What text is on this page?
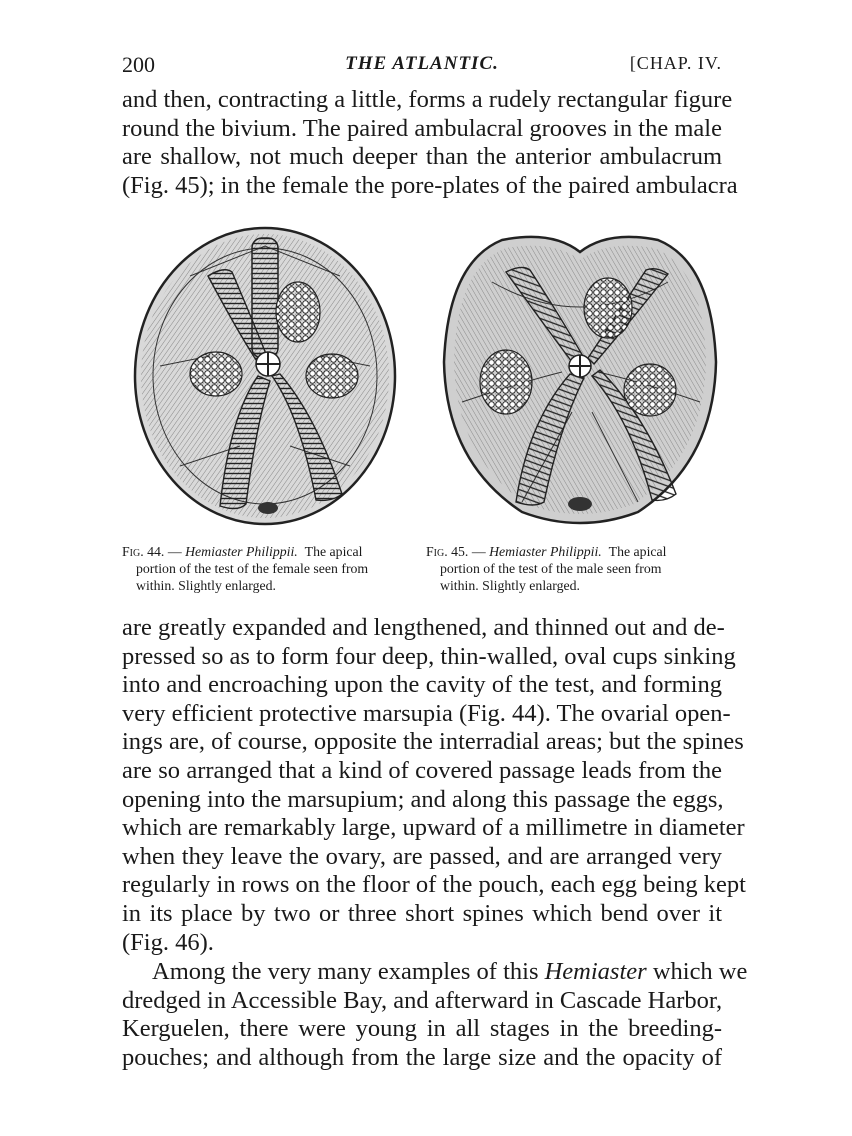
200	THE ATLANTIC.	[CHAP. IV.

and then, contracting a little, forms a rudely rectangular figure
round the bivium. The paired ambulacral grooves in the male
are shallow, not much deeper than the anterior ambulacrum
(Fig. 45); in the female the pore-plates of the paired ambulacra

Fig. 44. — Hemiaster Philippii. The apical
portion of the test of the female seen from
within. Slightly enlarged.
Fig. 45. — Hemiaster Philippii. The apical
portion of the test of the male seen from
within. Slightly enlarged.

are greatly expanded and lengthened, and thinned out and de-
pressed so as to form four deep, thin-walled, oval cups sinking
into and encroaching upon the cavity of the test, and forming
very efficient protective marsupia (Fig. 44). The ovarial open-
ings are, of course, opposite the interradial areas; but the spines
are so arranged that a kind of covered passage leads from the
opening into the marsupium; and along this passage the eggs,
which are remarkably large, upward of a millimetre in diameter
when they leave the ovary, are passed, and are arranged very
regularly in rows on the floor of the pouch, each egg being kept
in its place by two or three short spines which bend over it
(Fig. 46).

Among the very many examples of this Hemiaster which we
dredged in Accessible Bay, and afterward in Cascade Harbor,
Kerguelen, there were young in all stages in the breeding-
pouches; and although from the large size and the opacity of
